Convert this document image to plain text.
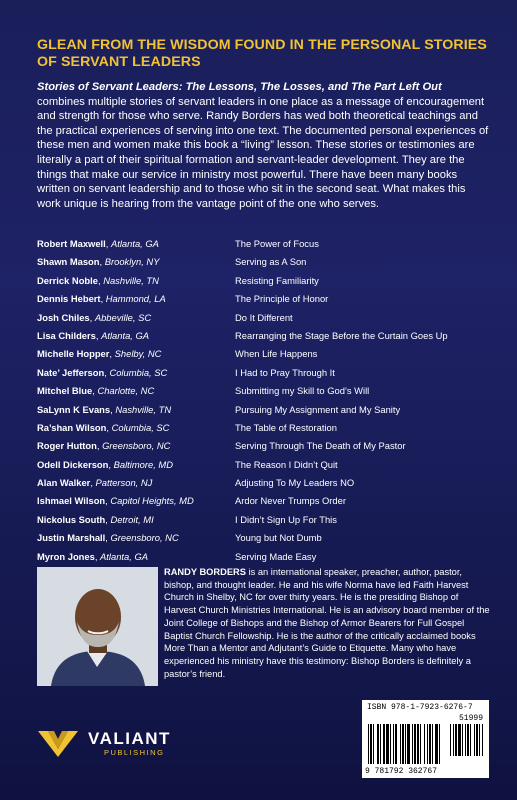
GLEAN FROM THE WISDOM FOUND IN THE PERSONAL STORIES OF SERVANT LEADERS
Stories of Servant Leaders: The Lessons, The Losses, and The Part Left Out combines multiple stories of servant leaders in one place as a message of encouragement and strength for those who serve. Randy Borders has wed both theoretical teachings and the practical experiences of serving into one text. The documented personal experiences of these men and women make this book a “living” lesson. These stories or testimonies are literally a part of their spiritual formation and servant-leader development. They are the things that make our service in ministry most powerful. There have been many books written on servant leadership and to those who sit in the second seat. What makes this work unique is hearing from the vantage point of the one who serves.
Robert Maxwell, Atlanta, GA	The Power of Focus
Shawn Mason, Brooklyn, NY	Serving as A Son
Derrick Noble, Nashville, TN	Resisting Familiarity
Dennis Hebert, Hammond, LA	The Principle of Honor
Josh Chiles, Abbeville, SC	Do It Different
Lisa Childers, Atlanta, GA	Rearranging the Stage Before the Curtain Goes Up
Michelle Hopper, Shelby, NC	When Life Happens
Nate’ Jefferson, Columbia, SC	I Had to Pray Through It
Mitchel Blue, Charlotte, NC	Submitting my Skill to God’s Will
SaLynn K Evans, Nashville, TN	Pursuing My Assignment and My Sanity
Ra’shan Wilson, Columbia, SC	The Table of Restoration
Roger Hutton, Greensboro, NC	Serving Through The Death of My Pastor
Odell Dickerson, Baltimore, MD	The Reason I Didn’t Quit
Alan Walker, Patterson, NJ	Adjusting To My Leaders NO
Ishmael Wilson, Capitol Heights, MD	Ardor Never Trumps Order
Nickolus South, Detroit, MI	I Didn’t Sign Up For This
Justin Marshall, Greensboro, NC	Young but Not Dumb
Myron Jones, Atlanta, GA	Serving Made Easy
RANDY BORDERS is an international speaker, preacher, author, pastor, bishop, and thought leader. He and his wife Norma have led Faith Harvest Church in Shelby, NC for over thirty years. He is the presiding Bishop of Harvest Church Ministries International. He is an advisory board member of the Joint College of Bishops and the Bishop of Armor Bearers for Full Gospel Baptist Church Fellowship. He is the author of the critically acclaimed books More Than a Mentor and Adjutant’s Guide to Etiquette. Many who have experienced his ministry have this testimony: Bishop Borders is definitely a pastor’s friend.
VALIANT
PUBLISHING
ISBN 978-1-7923-6276-7
51999
9 781792 362767
